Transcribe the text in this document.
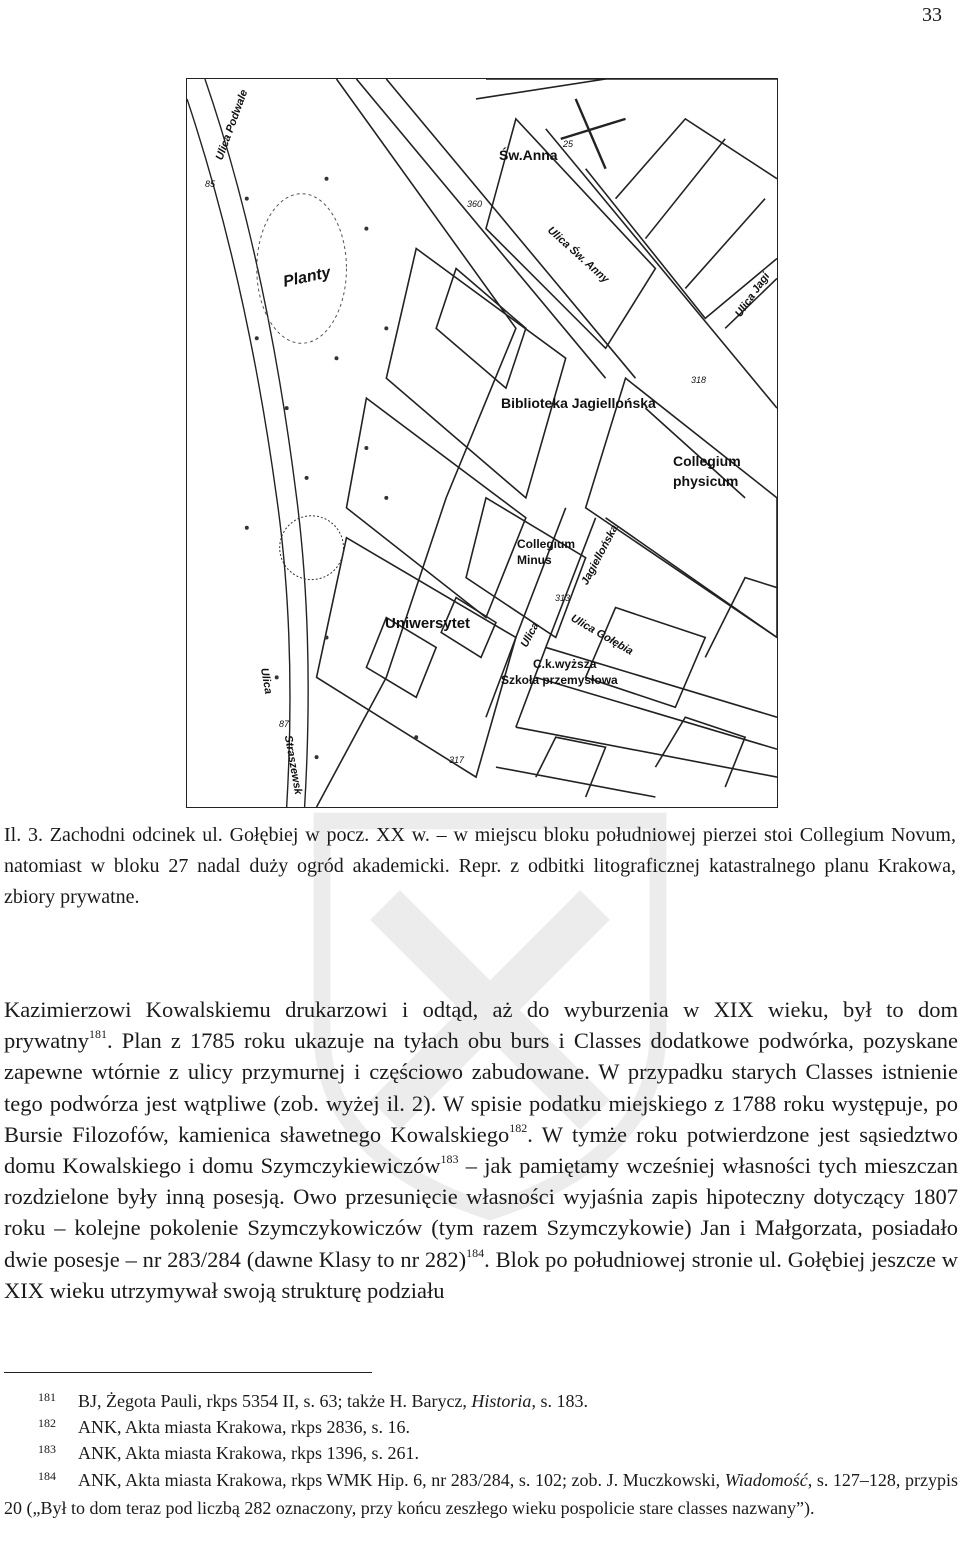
33
Św.Anna
Planty	Ulica Św. Anny
Ulica Podwale
Ulica Jagi
Biblioteka Jagiellońska
Collegium
physicum
Collegium
Minus	Jagiellońska
Uniwersytet	Ulica Gołębia
Ulica
C.k.wyższa
Szkoła przemysłowa
Ulica
Straszewsk
25
360
318
313
317
87
85
Il. 3. Zachodni odcinek ul. Gołębiej w pocz. XX w. – w miejscu bloku południowej pierzei stoi Collegium Novum, natomiast w bloku 27 nadal duży ogród akademicki. Repr. z odbitki litograficznej katastralnego planu Krakowa, zbiory prywatne.
Kazimierzowi Kowalskiemu drukarzowi i odtąd, aż do wyburzenia w XIX wieku, był to dom prywatny$^{181}$. Plan z 1785 roku ukazuje na tyłach obu burs i Classes dodatkowe podwórka, pozyskane zapewne wtórnie z ulicy przymurnej i częściowo zabudowane. W przypadku starych Classes istnienie tego podwórza jest wątpliwe (zob. wyżej il. 2). W spisie podatku miejskiego z 1788 roku występuje, po Bursie Filozofów, kamienica sławetnego Kowalskiego$^{182}$. W tymże roku potwierdzone jest sąsiedztwo domu Kowalskiego i domu Szymczykiewiczów$^{183}$ – jak pamiętamy wcześniej własności tych mieszczan rozdzielone były inną posesją. Owo przesunięcie własności wyjaśnia zapis hipoteczny dotyczący 1807 roku – kolejne pokolenie Szymczykowiczów (tym razem Szymczykowie) Jan i Małgorzata, posiadało dwie posesje – nr 283/284 (dawne Klasy to nr 282)$^{184}$. Blok po południowej stronie ul. Gołębiej jeszcze w XIX wieku utrzymywał swoją strukturę podziału
181 BJ, Żegota Pauli, rkps 5354 II, s. 63; także H. Barycz, Historia, s. 183.
182 ANK, Akta miasta Krakowa, rkps 2836, s. 16.
183 ANK, Akta miasta Krakowa, rkps 1396, s. 261.
184 ANK, Akta miasta Krakowa, rkps WMK Hip. 6, nr 283/284, s. 102; zob. J. Muczkowski, Wiadomość, s. 127–128, przypis 20 („Był to dom teraz pod liczbą 282 oznaczony, przy końcu zeszłego wieku pospolicie stare classes nazwany”).
